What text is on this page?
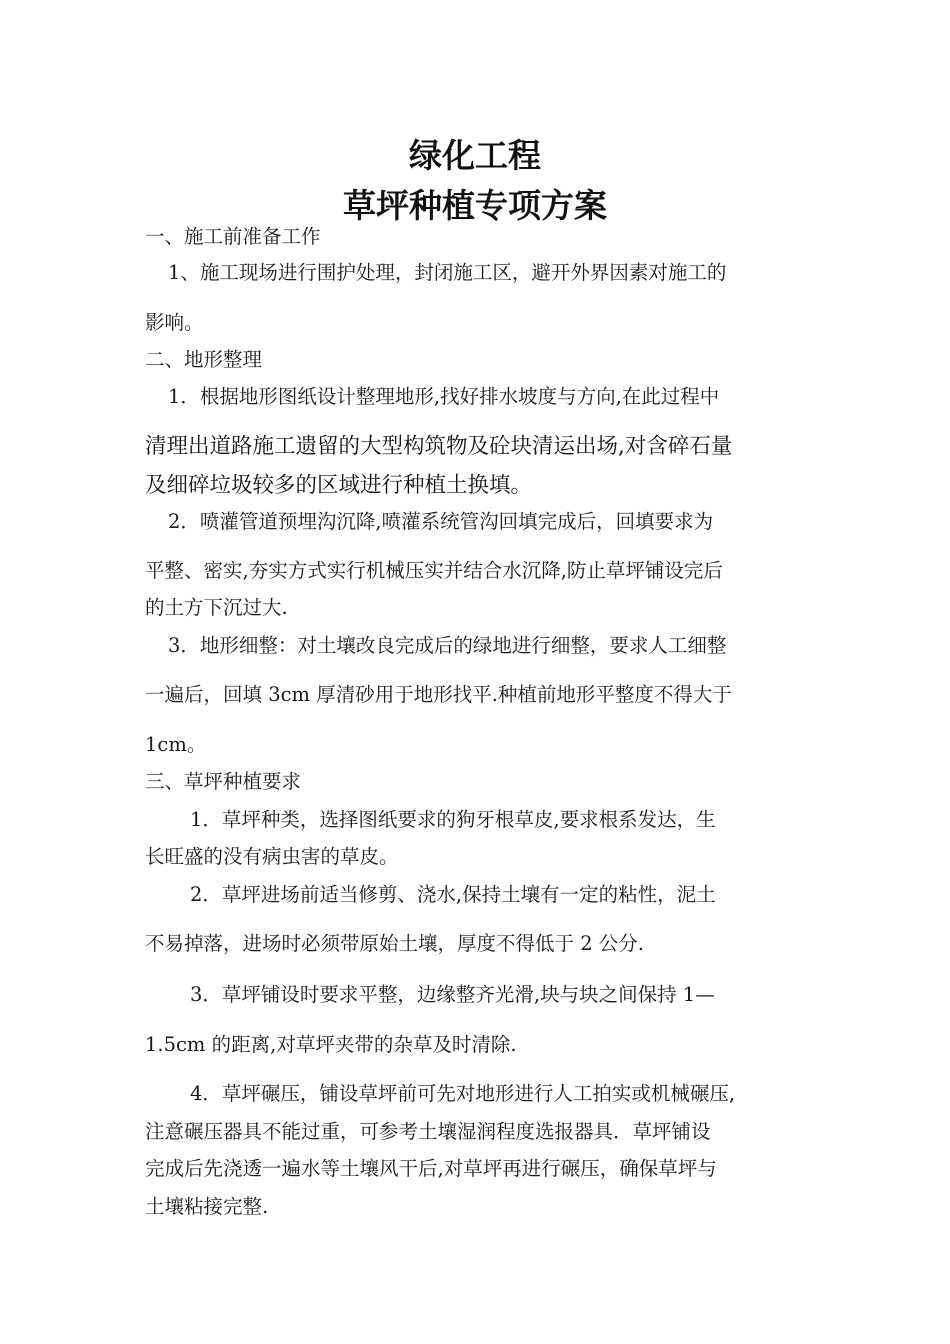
绿化工程
草坪种植专项方案
一、施工前准备工作
1、施工现场进行围护处理，封闭施工区，避开外界因素对施工的
影响。
二、地形整理
1．根据地形图纸设计整理地形,找好排水坡度与方向,在此过程中
清理出道路施工遗留的大型构筑物及砼块清运出场,对含碎石量
及细碎垃圾较多的区域进行种植土换填。
2．喷灌管道预埋沟沉降,喷灌系统管沟回填完成后，回填要求为
平整、密实,夯实方式实行机械压实并结合水沉降,防止草坪铺设完后
的土方下沉过大.
3．地形细整：对土壤改良完成后的绿地进行细整，要求人工细整
一遍后，回填 3cm 厚清砂用于地形找平.种植前地形平整度不得大于
1cm。
三、草坪种植要求
1．草坪种类，选择图纸要求的狗牙根草皮,要求根系发达，生
长旺盛的没有病虫害的草皮。
2．草坪进场前适当修剪、浇水,保持土壤有一定的粘性，泥土
不易掉落，进场时必须带原始土壤，厚度不得低于 2 公分.
3．草坪铺设时要求平整，边缘整齐光滑,块与块之间保持 1—
1.5cm 的距离,对草坪夹带的杂草及时清除.
4．草坪碾压，铺设草坪前可先对地形进行人工拍实或机械碾压,
注意碾压器具不能过重，可参考土壤湿润程度选报器具．草坪铺设
完成后先浇透一遍水等土壤风干后,对草坪再进行碾压，确保草坪与
土壤粘接完整.
